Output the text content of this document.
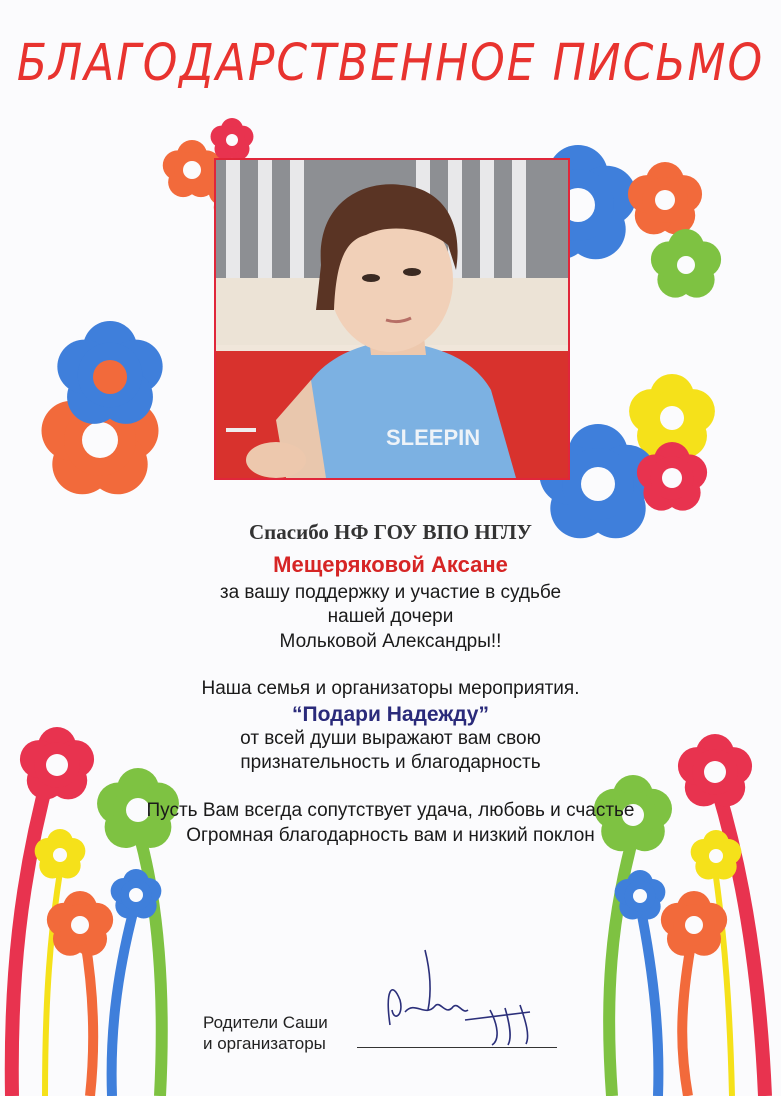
БЛАГОДАРСТВЕННОЕ ПИСЬМО
SLEEPIN
Спасибо НФ ГОУ ВПО НГЛУ
Мещеряковой Аксане
за вашу поддержку и участие в судьбе
нашей дочери
Мольковой Александры!!
Наша семья и организаторы мероприятия.
“Подари Надежду”
от всей души выражают вам свою
признательность и благодарность
Пусть Вам всегда сопутствует удача, любовь и счастье
Огромная благодарность вам и низкий поклон
Родители Саши
и организаторы
